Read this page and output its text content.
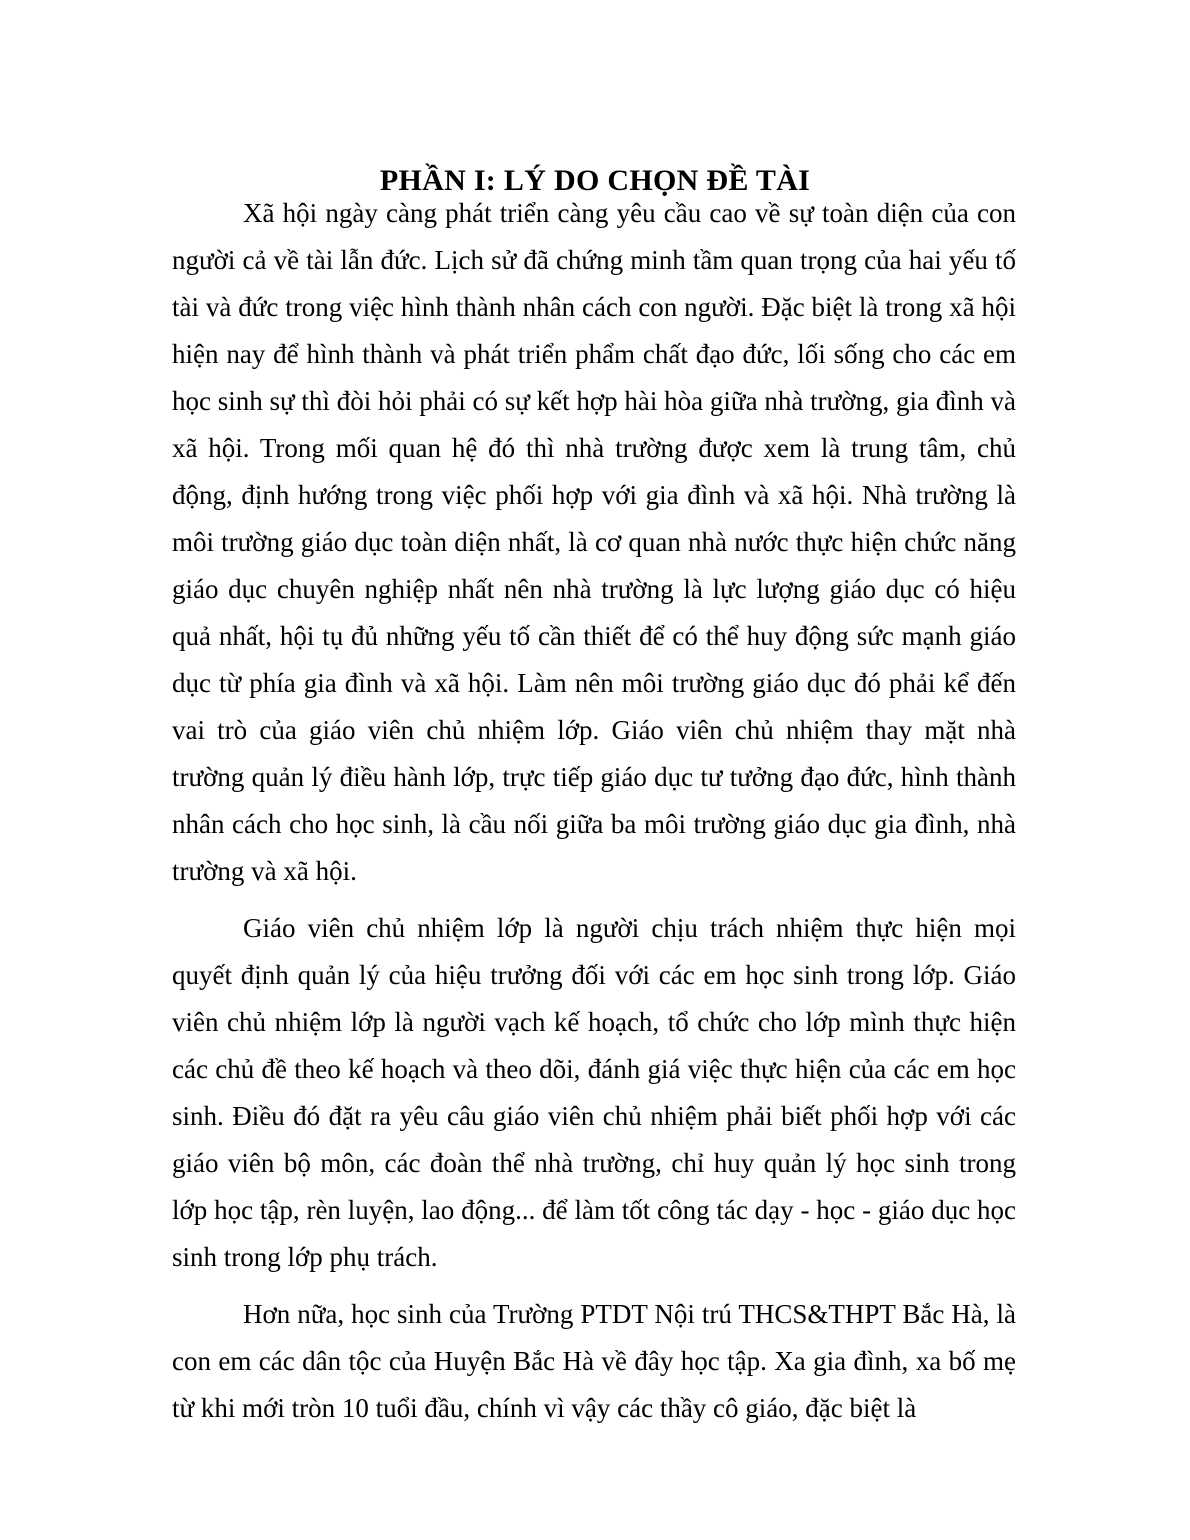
PHẦN I: LÝ DO CHỌN ĐỀ TÀI

Xã hội ngày càng phát triển càng yêu cầu cao về sự toàn diện của con người cả về tài lẫn đức. Lịch sử đã chứng minh tầm quan trọng của hai yếu tố tài và đức trong việc hình thành nhân cách con người. Đặc biệt là trong xã hội hiện nay để hình thành và phát triển phẩm chất đạo đức, lối sống cho các em học sinh sự thì đòi hỏi phải có sự kết hợp hài hòa giữa nhà trường, gia đình và xã hội. Trong mối quan hệ đó thì nhà trường được xem là trung tâm, chủ động, định hướng trong việc phối hợp với gia đình và xã hội. Nhà trường là môi trường giáo dục toàn diện nhất, là cơ quan nhà nước thực hiện chức năng giáo dục chuyên nghiệp nhất nên nhà trường là lực lượng giáo dục có hiệu quả nhất, hội tụ đủ những yếu tố cần thiết để có thể huy động sức mạnh giáo dục từ phía gia đình và xã hội. Làm nên môi trường giáo dục đó phải kể đến vai trò của giáo viên chủ nhiệm lớp. Giáo viên chủ nhiệm thay mặt nhà trường quản lý điều hành lớp, trực tiếp giáo dục tư tưởng đạo đức, hình thành nhân cách cho học sinh, là cầu nối giữa ba môi trường giáo dục gia đình, nhà trường và xã hội.

Giáo viên chủ nhiệm lớp là người chịu trách nhiệm thực hiện mọi quyết định quản lý của hiệu trưởng đối với các em học sinh trong lớp. Giáo viên chủ nhiệm lớp là người vạch kế hoạch, tổ chức cho lớp mình thực hiện các chủ đề theo kế hoạch và theo dõi, đánh giá việc thực hiện của các em học sinh. Điều đó đặt ra yêu câu giáo viên chủ nhiệm phải biết phối hợp với các giáo viên bộ môn, các đoàn thể nhà trường, chỉ huy quản lý học sinh trong lớp học tập, rèn luyện, lao động... để làm tốt công tác dạy - học - giáo dục học sinh trong lớp phụ trách.

Hơn nữa, học sinh của Trường PTDT Nội trú THCS&THPT Bắc Hà, là con em các dân tộc của Huyện Bắc Hà về đây học tập. Xa gia đình, xa bố mẹ từ khi mới tròn 10 tuổi đầu, chính vì vậy các thầy cô giáo, đặc biệt là
